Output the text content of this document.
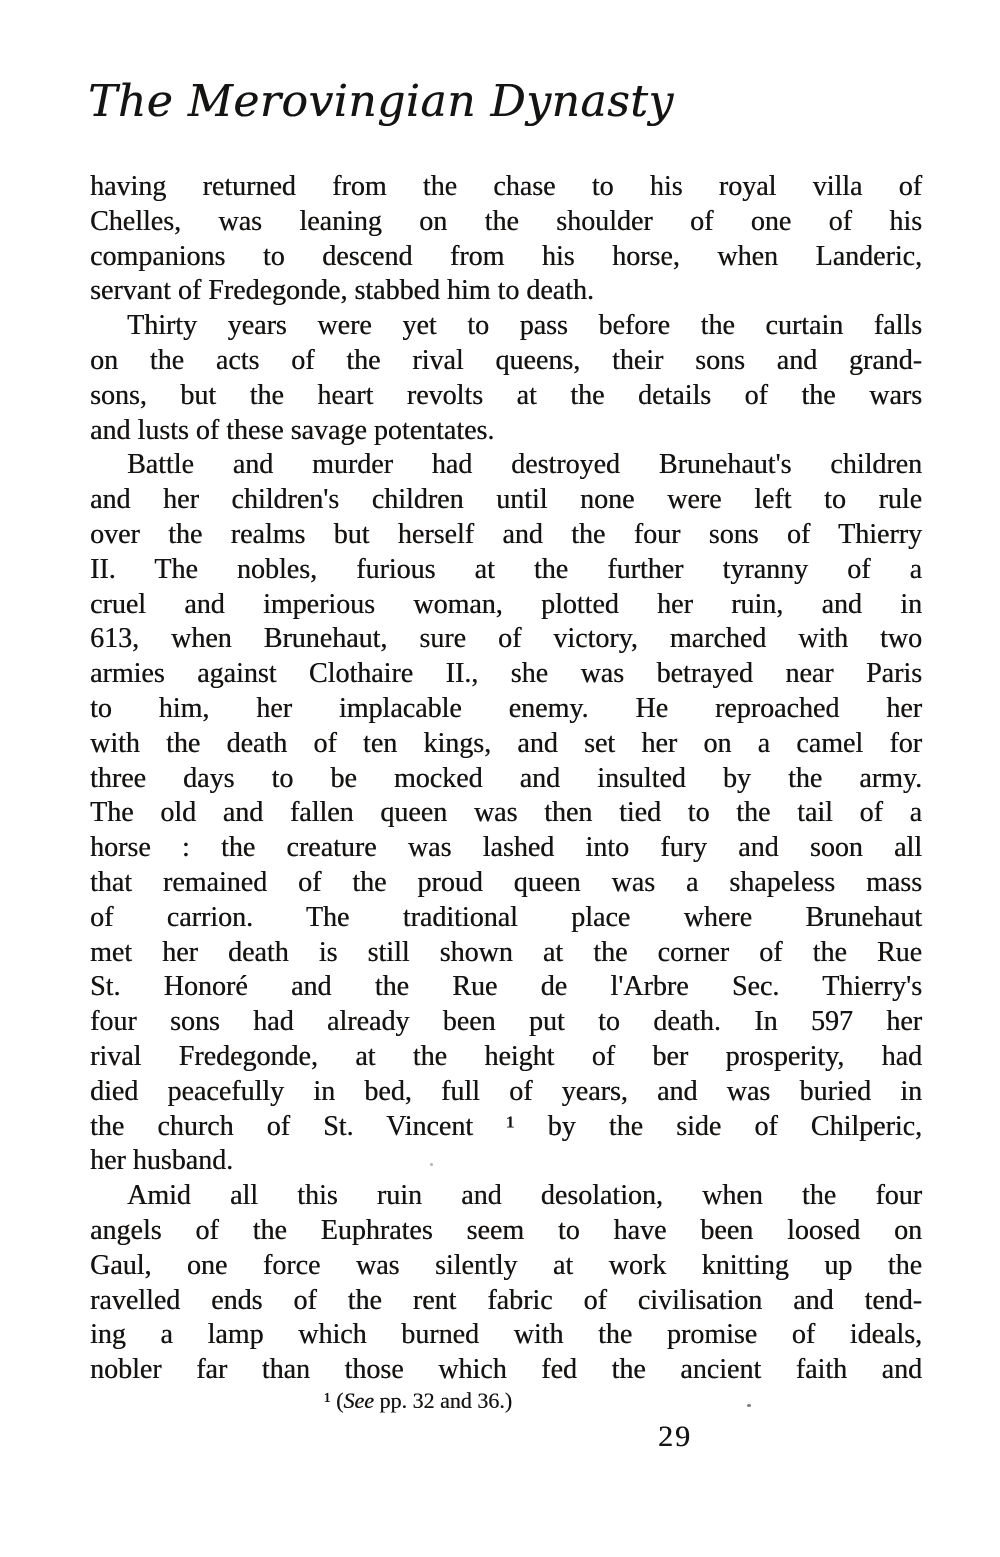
The Merovingian Dynasty
having returned from the chase to his royal villa of
Chelles, was leaning on the shoulder of one of his
companions to descend from his horse, when Landeric,
servant of Fredegonde, stabbed him to death.
Thirty years were yet to pass before the curtain falls
on the acts of the rival queens, their sons and grand-
sons, but the heart revolts at the details of the wars
and lusts of these savage potentates.
Battle and murder had destroyed Brunehaut's children
and her children's children until none were left to rule
over the realms but herself and the four sons of Thierry
II. The nobles, furious at the further tyranny of a
cruel and imperious woman, plotted her ruin, and in
613, when Brunehaut, sure of victory, marched with two
armies against Clothaire II., she was betrayed near Paris
to him, her implacable enemy. He reproached her
with the death of ten kings, and set her on a camel for
three days to be mocked and insulted by the army.
The old and fallen queen was then tied to the tail of a
horse : the creature was lashed into fury and soon all
that remained of the proud queen was a shapeless mass
of carrion. The traditional place where Brunehaut
met her death is still shown at the corner of the Rue
St. Honoré and the Rue de l'Arbre Sec. Thierry's
four sons had already been put to death. In 597 her
rival Fredegonde, at the height of ber prosperity, had
died peacefully in bed, full of years, and was buried in
the church of St. Vincent ¹ by the side of Chilperic,
her husband.
Amid all this ruin and desolation, when the four
angels of the Euphrates seem to have been loosed on
Gaul, one force was silently at work knitting up the
ravelled ends of the rent fabric of civilisation and tend-
ing a lamp which burned with the promise of ideals,
nobler far than those which fed the ancient faith and
¹ (See pp. 32 and 36.)
29
